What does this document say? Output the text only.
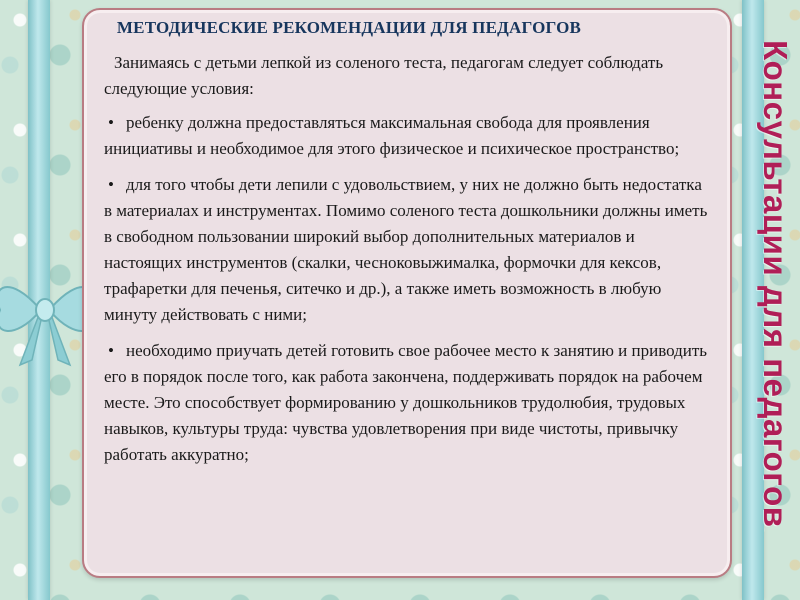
МЕТОДИЧЕСКИЕ РЕКОМЕНДАЦИИ ДЛЯ ПЕДАГОГОВ

Занимаясь с детьми лепкой из соленого теста, педагогам следует соблюдать следующие условия:

• ребенку должна предоставляться максимальная свобода для проявления инициативы и необходимое для этого физическое и психическое пространство;

• для того чтобы дети лепили с удовольствием, у них не должно быть недостатка в материалах и инструментах. Помимо соленого теста дошкольники должны иметь в свободном пользовании широкий выбор дополнительных материалов и настоящих инструментов (скалки, чесноковыжималка, формочки для кексов, трафаретки для печенья, ситечко и др.), а также иметь возможность в любую минуту действовать с ними;

• необходимо приучать детей готовить свое рабочее место к занятию и приводить его в порядок после того, как работа закончена, поддерживать порядок на рабочем месте. Это способствует формированию у дошкольников трудолюбия, трудовых навыков, культуры труда: чувства удовлетворения при виде чистоты, привычку работать аккуратно;	Консультации для педагогов
